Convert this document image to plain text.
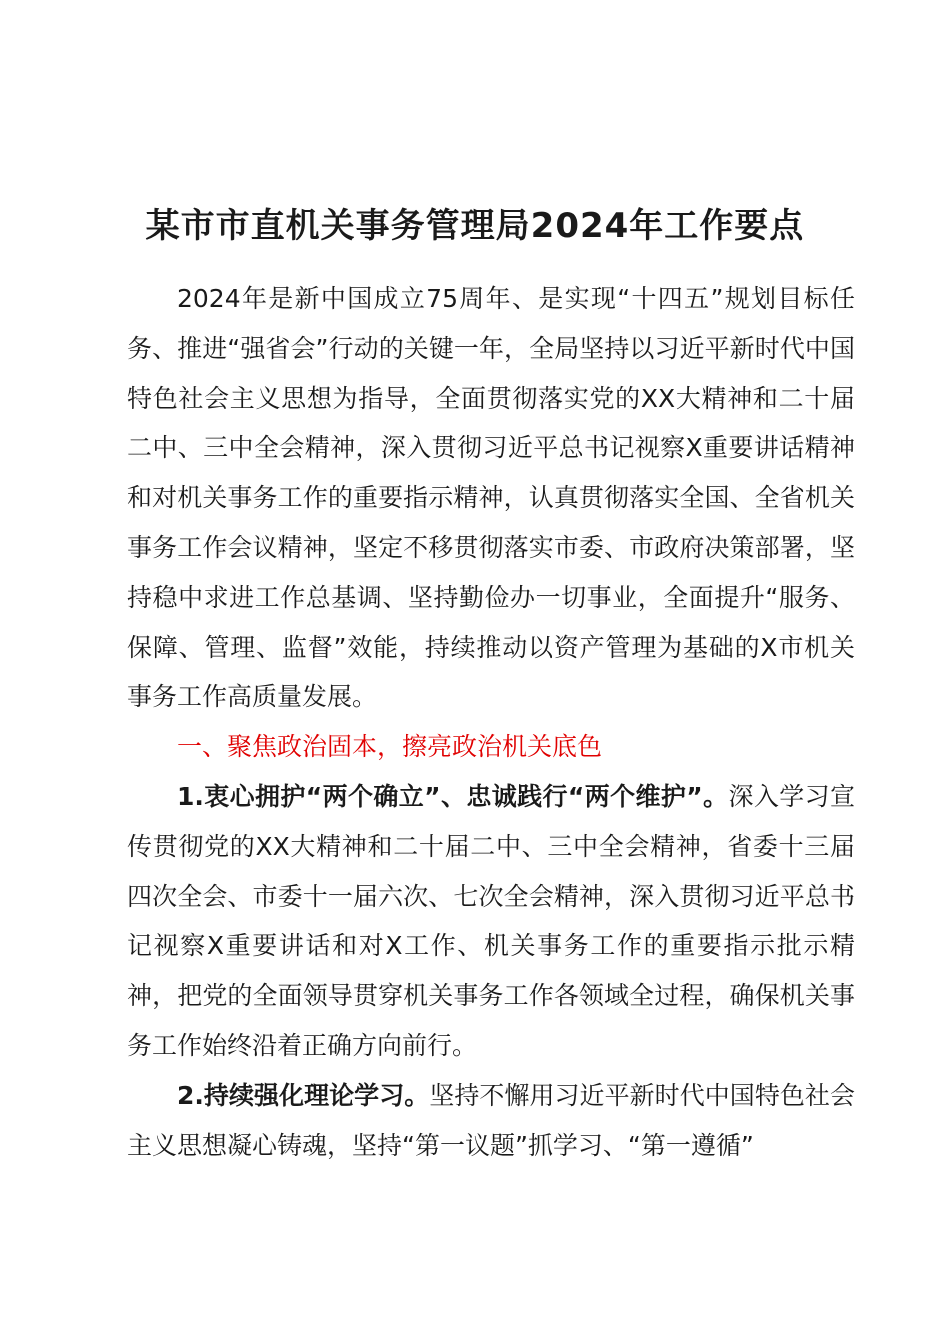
某市市直机关事务管理局2024年工作要点

2024年是新中国成立75周年、是实现“十四五”规划目标任务、推进“强省会”行动的关键一年，全局坚持以习近平新时代中国特色社会主义思想为指导，全面贯彻落实党的XX大精神和二十届二中、三中全会精神，深入贯彻习近平总书记视察X重要讲话精神和对机关事务工作的重要指示精神，认真贯彻落实全国、全省机关事务工作会议精神，坚定不移贯彻落实市委、市政府决策部署，坚持稳中求进工作总基调、坚持勤俭办一切事业，全面提升“服务、保障、管理、监督”效能，持续推动以资产管理为基础的X市机关事务工作高质量发展。

一、聚焦政治固本，擦亮政治机关底色

1.衷心拥护“两个确立”、忠诚践行“两个维护”。深入学习宣传贯彻党的XX大精神和二十届二中、三中全会精神，省委十三届四次全会、市委十一届六次、七次全会精神，深入贯彻习近平总书记视察X重要讲话和对X工作、机关事务工作的重要指示批示精神，把党的全面领导贯穿机关事务工作各领域全过程，确保机关事务工作始终沿着正确方向前行。

2.持续强化理论学习。坚持不懈用习近平新时代中国特色社会主义思想凝心铸魂，坚持“第一议题”抓学习、“第一遵循”
